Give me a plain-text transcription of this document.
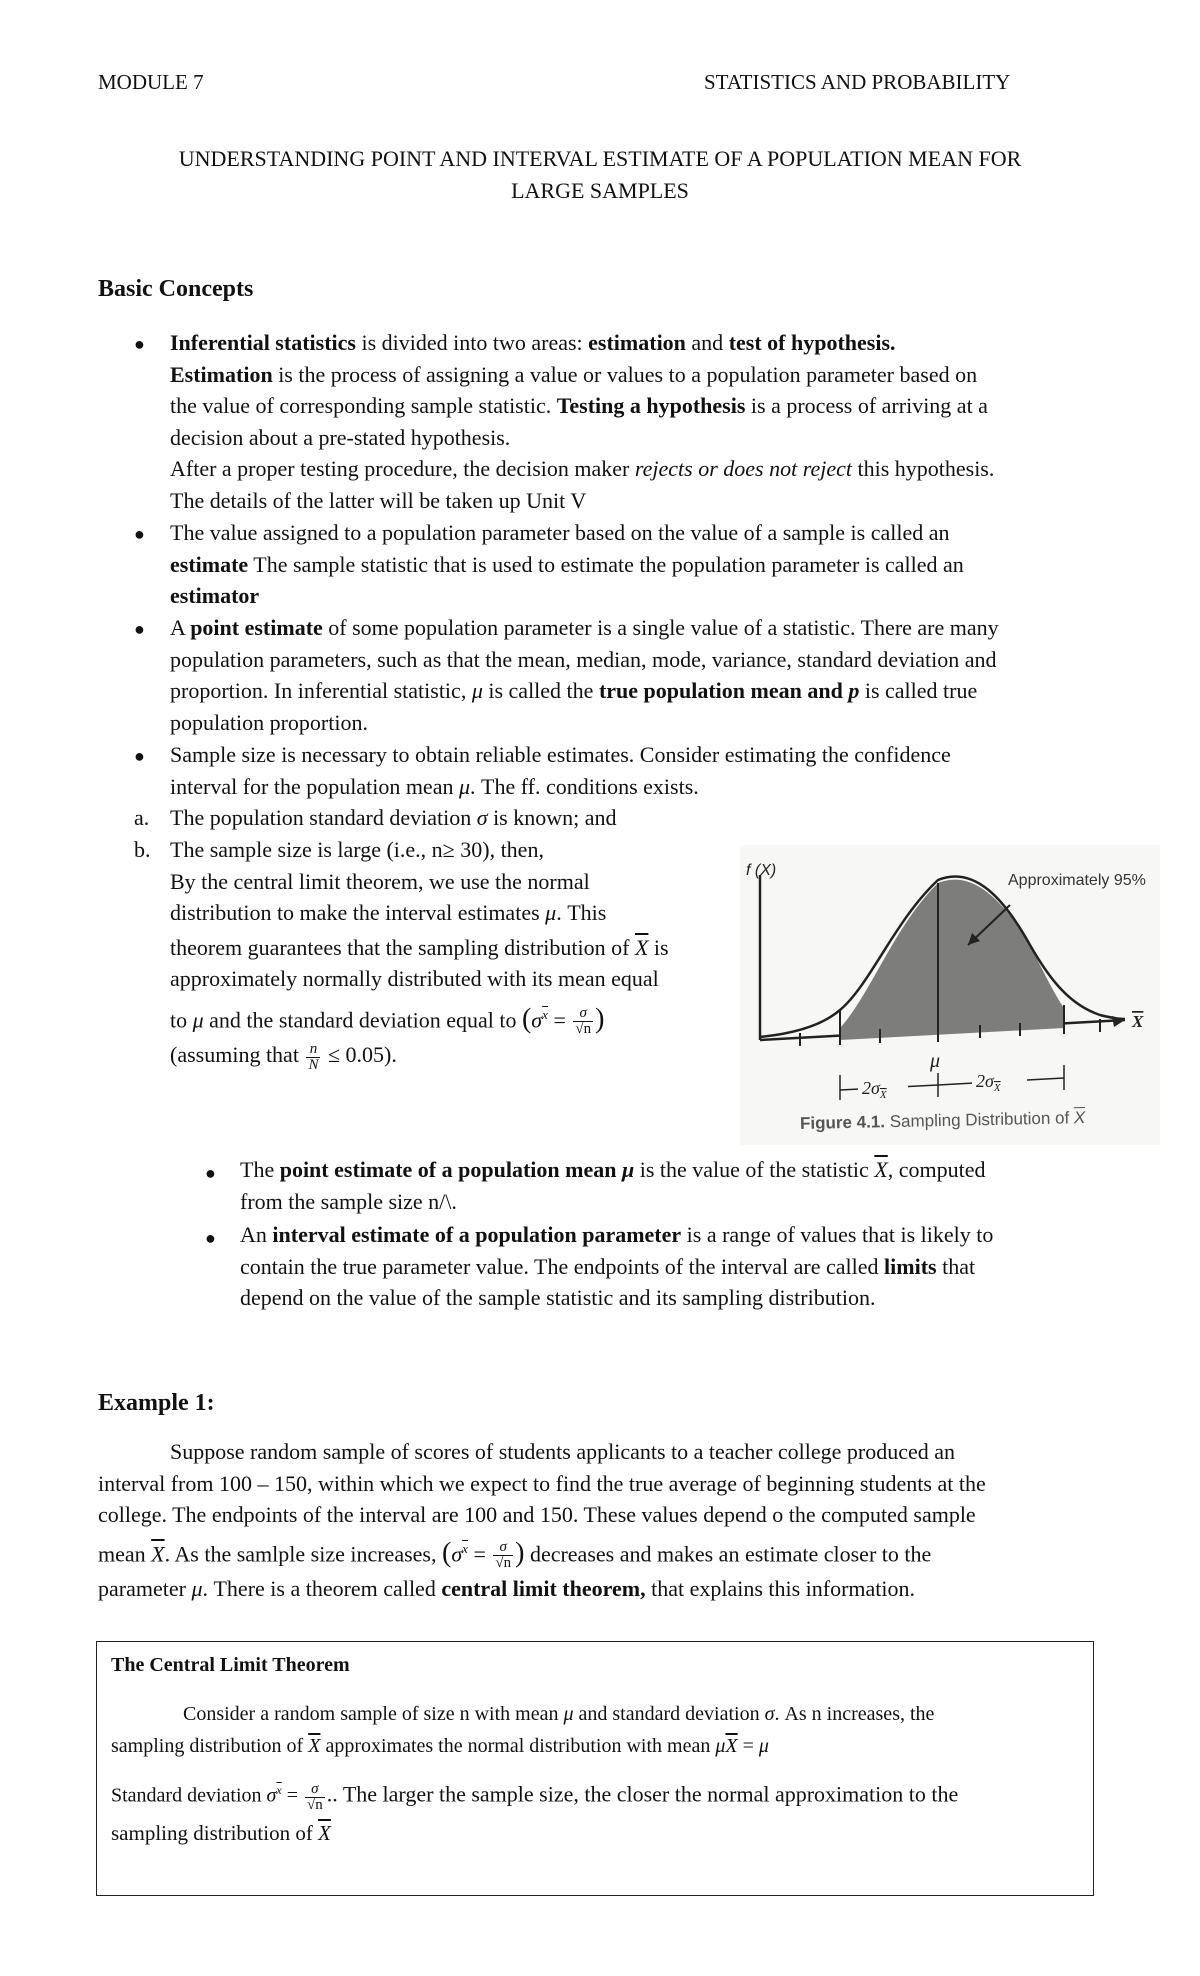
MODULE 7	STATISTICS AND PROBABILITY
UNDERSTANDING POINT AND INTERVAL ESTIMATE OF A POPULATION MEAN FOR
LARGE SAMPLES
Basic Concepts
● Inferential statistics is divided into two areas: estimation and test of hypothesis.
Estimation is the process of assigning a value or values to a population parameter based on
the value of corresponding sample statistic. Testing a hypothesis is a process of arriving at a
decision about a pre-stated hypothesis.
After a proper testing procedure, the decision maker rejects or does not reject this hypothesis.
The details of the latter will be taken up Unit V
● The value assigned to a population parameter based on the value of a sample is called an
estimate The sample statistic that is used to estimate the population parameter is called an
estimator
● A point estimate of some population parameter is a single value of a statistic. There are many
population parameters, such as that the mean, median, mode, variance, standard deviation and
proportion. In inferential statistic, μ is called the true population mean and p is called true
population proportion.
● Sample size is necessary to obtain reliable estimates. Consider estimating the confidence
interval for the population mean μ. The ff. conditions exists.
a. The population standard deviation σ is known; and
b. The sample size is large (i.e., n≥ 30), then,
By the central limit theorem, we use the normal
distribution to make the interval estimates μ. This
theorem guarantees that the sampling distribution of $\overline{X}$ is
approximately normally distributed with its mean equal
to μ and the standard deviation equal to ($\sigma^{\overline{x}} = \frac{\sigma}{√n}$ )
(assuming that $\frac{n}{N} \le 0.05$).
$2\sigma_X$
$2\sigma_X$
f (X)
Approximately 95%
μ
X
Figure 4.1. Sampling Distribution of $\overline{X}$
● The point estimate of a population mean μ is the value of the statistic $\overline{X}$, computed
from the sample size n/\.
● An interval estimate of a population parameter is a range of values that is likely to
contain the true parameter value. The endpoints of the interval are called limits that
depend on the value of the sample statistic and its sampling distribution.
Example 1:
Suppose random sample of scores of students applicants to a teacher college produced an
interval from 100 – 150, within which we expect to find the true average of beginning students at the
college. The endpoints of the interval are 100 and 150. These values depend o the computed sample
mean $\overline{X}$. As the samlple size increases, ($\sigma^{\overline{x}} = \frac{\sigma}{√n}$ ) decreases and makes an estimate closer to the
parameter μ. There is a theorem called central limit theorem, that explains this information.
The Central Limit Theorem
Consider a random sample of size n with mean μ and standard deviation σ. As n increases, the
sampling distribution of $\overline{X}$ approximates the normal distribution with mean $\mu\overline{X} = \mu$
Standard deviation $\sigma^{\overline{x}} = \frac{\sigma}{√n}$ .. The larger the sample size, the closer the normal approximation to the
sampling distribution of $\overline{X}$
